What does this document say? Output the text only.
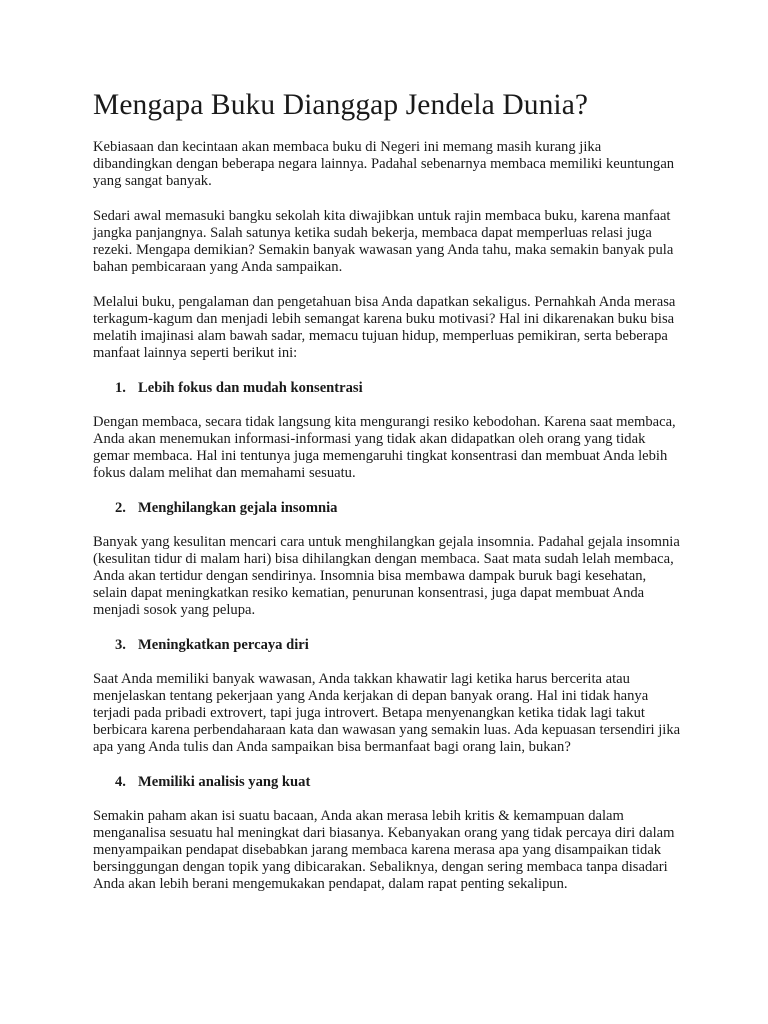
Mengapa Buku Dianggap Jendela Dunia?

Kebiasaan dan kecintaan akan membaca buku di Negeri ini memang masih kurang jika dibandingkan dengan beberapa negara lainnya. Padahal sebenarnya membaca memiliki keuntungan yang sangat banyak.

Sedari awal memasuki bangku sekolah kita diwajibkan untuk rajin membaca buku, karena manfaat jangka panjangnya. Salah satunya ketika sudah bekerja, membaca dapat memperluas relasi juga rezeki. Mengapa demikian? Semakin banyak wawasan yang Anda tahu, maka semakin banyak pula bahan pembicaraan yang Anda sampaikan.

Melalui buku, pengalaman dan pengetahuan bisa Anda dapatkan sekaligus. Pernahkah Anda merasa terkagum-kagum dan menjadi lebih semangat karena buku motivasi? Hal ini dikarenakan buku bisa melatih imajinasi alam bawah sadar, memacu tujuan hidup, memperluas pemikiran, serta beberapa manfaat lainnya seperti berikut ini:

1. Lebih fokus dan mudah konsentrasi

Dengan membaca, secara tidak langsung kita mengurangi resiko kebodohan. Karena saat membaca, Anda akan menemukan informasi-informasi yang tidak akan didapatkan oleh orang yang tidak gemar membaca. Hal ini tentunya juga memengaruhi tingkat konsentrasi dan membuat Anda lebih fokus dalam melihat dan memahami sesuatu.

2. Menghilangkan gejala insomnia

Banyak yang kesulitan mencari cara untuk menghilangkan gejala insomnia. Padahal gejala insomnia (kesulitan tidur di malam hari) bisa dihilangkan dengan membaca. Saat mata sudah lelah membaca, Anda akan tertidur dengan sendirinya. Insomnia bisa membawa dampak buruk bagi kesehatan, selain dapat meningkatkan resiko kematian, penurunan konsentrasi, juga dapat membuat Anda menjadi sosok yang pelupa.

3. Meningkatkan percaya diri

Saat Anda memiliki banyak wawasan, Anda takkan khawatir lagi ketika harus bercerita atau menjelaskan tentang pekerjaan yang Anda kerjakan di depan banyak orang. Hal ini tidak hanya terjadi pada pribadi extrovert, tapi juga introvert. Betapa menyenangkan ketika tidak lagi takut berbicara karena perbendaharaan kata dan wawasan yang semakin luas. Ada kepuasan tersendiri jika apa yang Anda tulis dan Anda sampaikan bisa bermanfaat bagi orang lain, bukan?

4. Memiliki analisis yang kuat

Semakin paham akan isi suatu bacaan, Anda akan merasa lebih kritis & kemampuan dalam menganalisa sesuatu hal meningkat dari biasanya. Kebanyakan orang yang tidak percaya diri dalam menyampaikan pendapat disebabkan jarang membaca karena merasa apa yang disampaikan tidak bersinggungan dengan topik yang dibicarakan. Sebaliknya, dengan sering membaca tanpa disadari Anda akan lebih berani mengemukakan pendapat, dalam rapat penting sekalipun.
